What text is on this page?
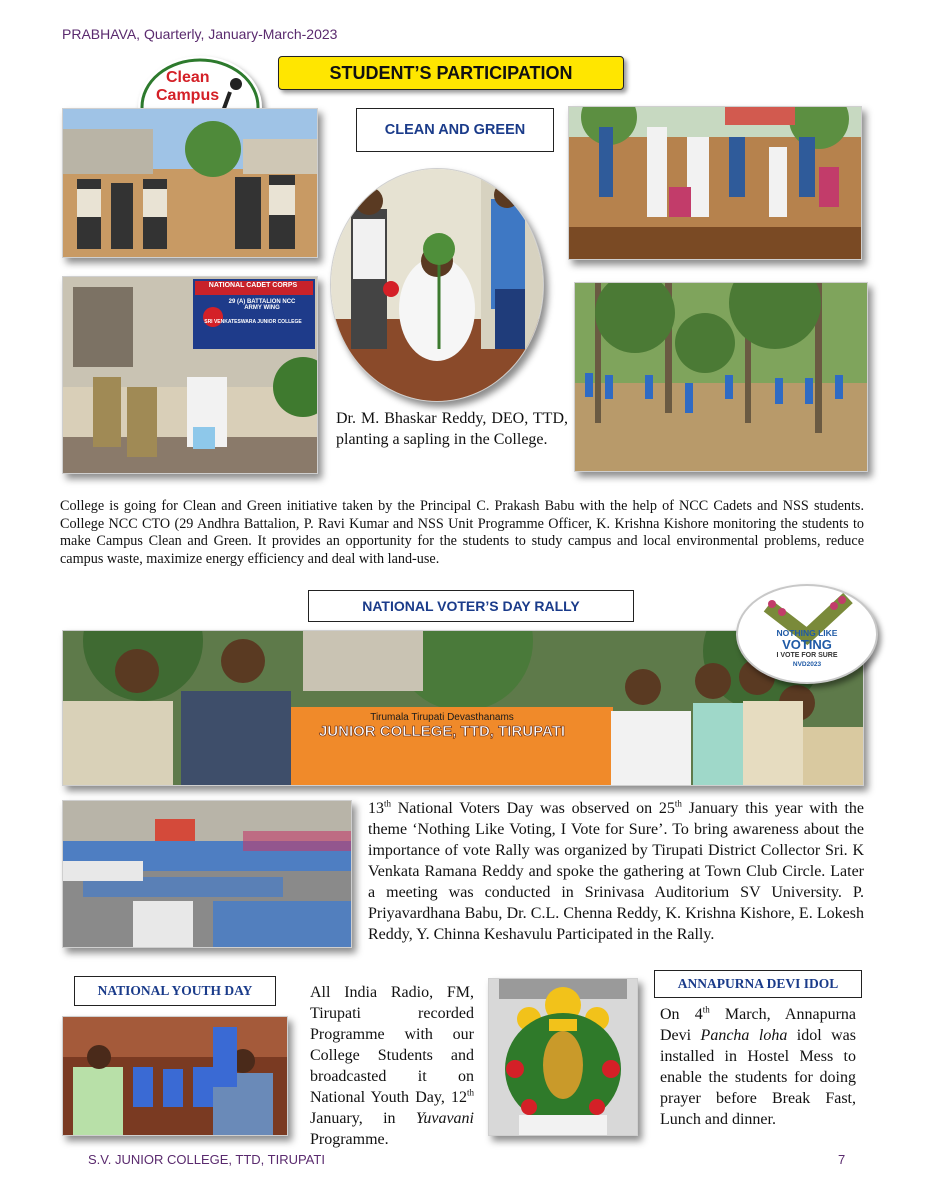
PRABHAVA, Quarterly, January-March-2023
STUDENT’S PARTICIPATION
Clean
Campus
CLEAN AND GREEN
NATIONAL CADET CORPS
29 (A) BATTALION NCC
ARMY WING
SRI VENKATESWARA JUNIOR COLLEGE
Dr. M. Bhaskar Reddy, DEO, TTD, planting a sapling in the College.
College is going for Clean and Green initiative taken by the Principal C. Prakash Babu with the help of NCC Cadets and NSS students. College NCC CTO (29 Andhra Battalion, P. Ravi Kumar and NSS Unit Programme Officer, K. Krishna Kishore monitoring the students to make Campus Clean and Green. It provides an opportunity for the students to study campus and local environmental problems, reduce campus waste, maximize energy efficiency and deal with land-use.
NATIONAL VOTER’S DAY RALLY
Tirumala Tirupati Devasthanams
JUNIOR COLLEGE, TTD, TIRUPATI
NOTHING LIKE
VOTING
I VOTE FOR SURE
NVD2023
13th National Voters Day was observed on 25th January this year with the theme ‘Nothing Like Voting, I Vote for Sure’. To bring awareness about the importance of vote Rally was organized by Tirupati District Collector Sri. K Venkata Ramana Reddy and spoke the gathering at Town Club Circle. Later a meeting was conducted in Srinivasa Auditorium SV University. P. Priyavardhana Babu, Dr. C.L. Chenna Reddy, K. Krishna Kishore, E. Lokesh Reddy, Y. Chinna Keshavulu Participated in the Rally.
NATIONAL YOUTH DAY	All India Radio, FM, Tirupati recorded Programme with our College Students and broadcasted it on National Youth Day, 12th January, in Yuvavani Programme.
ANNAPURNA DEVI IDOL
On 4th March, Annapurna Devi Pancha loha idol was installed in Hostel Mess to enable the students for doing prayer before Break Fast, Lunch and dinner.
S.V. JUNIOR COLLEGE, TTD, TIRUPATI	7
